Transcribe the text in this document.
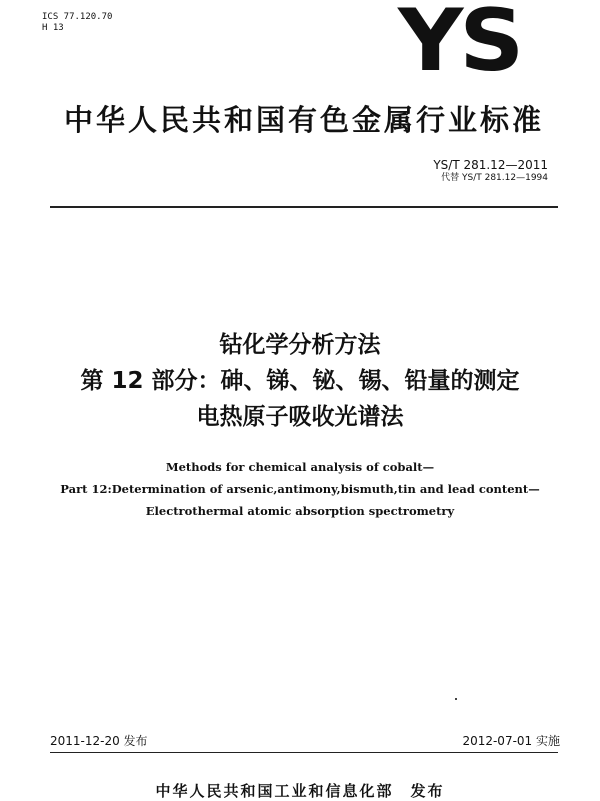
ICS 77.120.70
H 13	YS
中华人民共和国有色金属行业标准
YS/T 281.12—2011
代替 YS/T 281.12—1994
钴化学分析方法
第 12 部分：砷、锑、铋、锡、铅量的测定
电热原子吸收光谱法
Methods for chemical analysis of cobalt—
Part 12:Determination of arsenic,antimony,bismuth,tin and lead content—
Electrothermal atomic absorption spectrometry
2011-12-20 发布	2012-07-01 实施
中华人民共和国工业和信息化部　发布
